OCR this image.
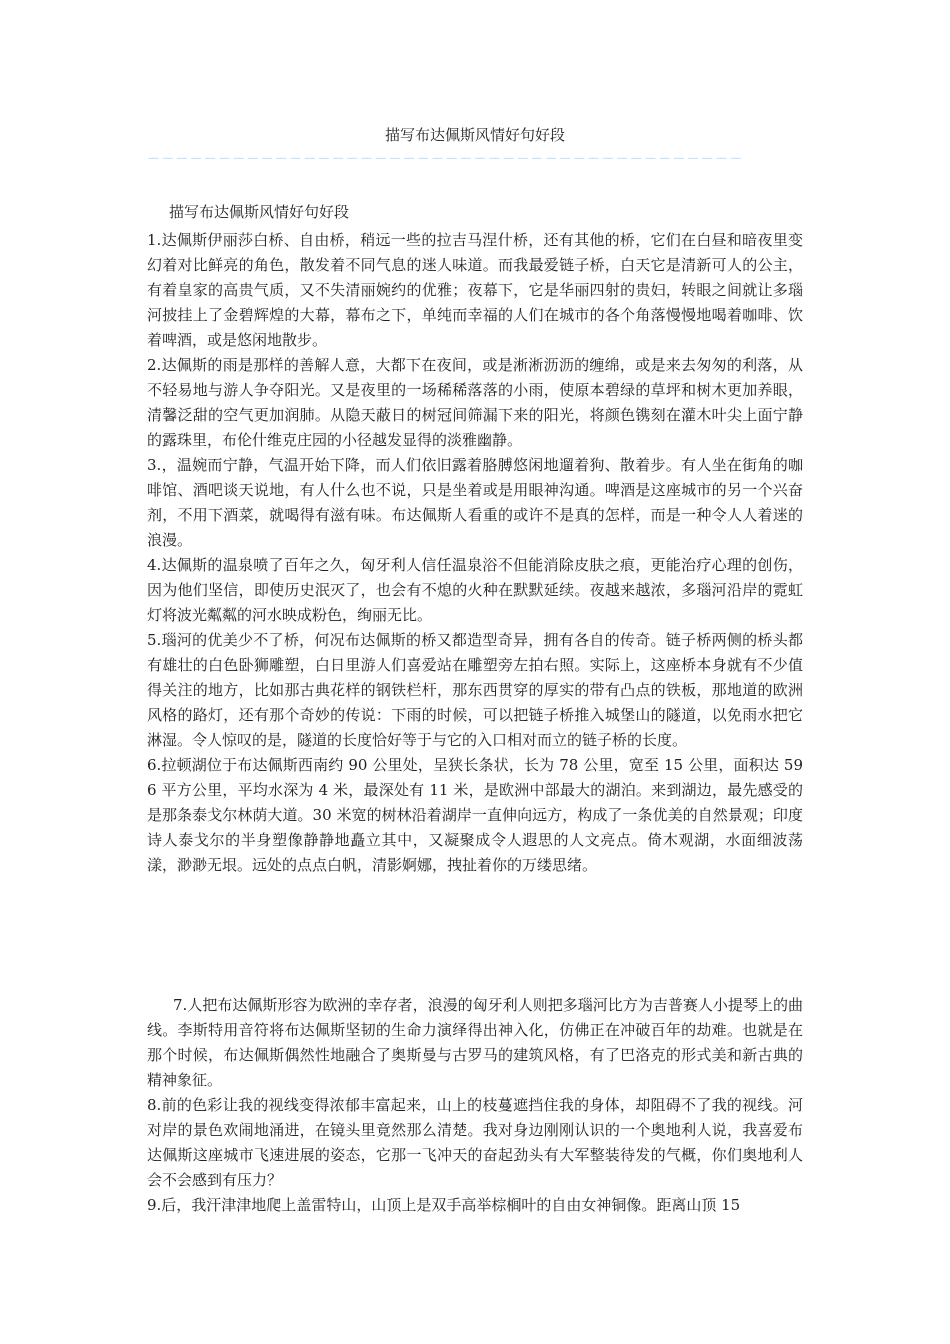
描写布达佩斯风情好句好段
－－－－－－－－－－－－－－－－－－－－－－－－－－－－－－－－－－－－－－－－－－

描写布达佩斯风情好句好段

1.达佩斯伊丽莎白桥、自由桥，稍远一些的拉吉马涅什桥，还有其他的桥，它们在白昼和暗夜里变幻着对比鲜亮的角色，散发着不同气息的迷人味道。而我最爱链子桥，白天它是清新可人的公主，有着皇家的高贵气质，又不失清丽婉约的优雅；夜幕下，它是华丽四射的贵妇，转眼之间就让多瑙河披挂上了金碧辉煌的大幕，幕布之下，单纯而幸福的人们在城市的各个角落慢慢地喝着咖啡、饮着啤酒，或是悠闲地散步。

2.达佩斯的雨是那样的善解人意，大都下在夜间，或是淅淅沥沥的缠绵，或是来去匆匆的利落，从不轻易地与游人争夺阳光。又是夜里的一场稀稀落落的小雨，使原本碧绿的草坪和树木更加养眼，清馨泛甜的空气更加润肺。从隐天蔽日的树冠间筛漏下来的阳光，将颜色镌刻在灌木叶尖上面宁静的露珠里，布伦什维克庄园的小径越发显得的淡雅幽静。

3.，温婉而宁静，气温开始下降，而人们依旧露着胳膊悠闲地遛着狗、散着步。有人坐在街角的咖啡馆、酒吧谈天说地，有人什么也不说，只是坐着或是用眼神沟通。啤酒是这座城市的另一个兴奋剂，不用下酒菜，就喝得有滋有味。布达佩斯人看重的或许不是真的怎样，而是一种令人人着迷的浪漫。

4.达佩斯的温泉喷了百年之久，匈牙利人信任温泉浴不但能消除皮肤之痕，更能治疗心理的创伤，因为他们坚信，即使历史泯灭了，也会有不熄的火种在默默延续。夜越来越浓，多瑙河沿岸的霓虹灯将波光粼粼的河水映成粉色，绚丽无比。

5.瑙河的优美少不了桥，何况布达佩斯的桥又都造型奇异，拥有各自的传奇。链子桥两侧的桥头都有雄壮的白色卧狮雕塑，白日里游人们喜爱站在雕塑旁左拍右照。实际上，这座桥本身就有不少值得关注的地方，比如那古典花样的钢铁栏杆，那东西贯穿的厚实的带有凸点的铁板，那地道的欧洲风格的路灯，还有那个奇妙的传说：下雨的时候，可以把链子桥推入城堡山的隧道，以免雨水把它淋湿。令人惊叹的是，隧道的长度恰好等于与它的入口相对而立的链子桥的长度。

6.拉顿湖位于布达佩斯西南约 90 公里处，呈狭长条状，长为 78 公里，宽至 15 公里，面积达 596 平方公里，平均水深为 4 米，最深处有 11 米，是欧洲中部最大的湖泊。来到湖边，最先感受的是那条泰戈尔林荫大道。30 米宽的树林沿着湖岸一直伸向远方，构成了一条优美的自然景观；印度诗人泰戈尔的半身塑像静静地矗立其中，又凝聚成令人遐思的人文亮点。倚木观湖，水面细波荡漾，渺渺无垠。远处的点点白帆，清影婀娜，拽扯着你的万缕思绪。

7.人把布达佩斯形容为欧洲的幸存者，浪漫的匈牙利人则把多瑙河比方为吉普赛人小提琴上的曲线。李斯特用音符将布达佩斯坚韧的生命力演绎得出神入化，仿佛正在冲破百年的劫难。也就是在那个时候，布达佩斯偶然性地融合了奥斯曼与古罗马的建筑风格，有了巴洛克的形式美和新古典的精神象征。

8.前的色彩让我的视线变得浓郁丰富起来，山上的枝蔓遮挡住我的身体，却阻碍不了我的视线。河对岸的景色欢闹地涌进，在镜头里竟然那么清楚。我对身边刚刚认识的一个奥地利人说，我喜爱布达佩斯这座城市飞速进展的姿态，它那一飞冲天的奋起劲头有大军整装待发的气概，你们奥地利人会不会感到有压力？

9.后，我汗津津地爬上盖雷特山，山顶上是双手高举棕榈叶的自由女神铜像。距离山顶 15
